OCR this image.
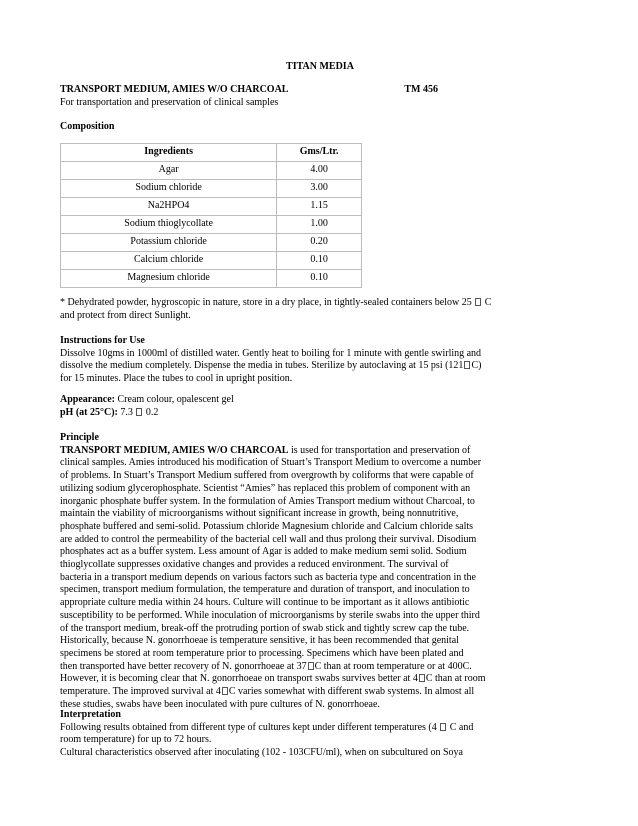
TITAN MEDIA
TRANSPORT MEDIUM, AMIES W/O CHARCOAL	TM 456

For transportation and preservation of clinical samples

Composition
Ingredients	Gms/Ltr.
Agar	4.00
Sodium chloride	3.00
Na2HPO4	1.15
Sodium thioglycollate	1.00
Potassium chloride	0.20
Calcium chloride	0.10
Magnesium chloride	0.10

* Dehydrated powder, hygroscopic in nature, store in a dry place, in tightly-sealed containers below 25  C

and protect from direct Sunlight.

Instructions for Use

Dissolve 10gms in 1000ml of distilled water. Gently heat to boiling for 1 minute with gentle swirling and

dissolve the medium completely. Dispense the media in tubes. Sterilize by autoclaving at 15 psi (121 C)

for 15 minutes. Place the tubes to cool in upright position.

Appearance: Cream colour, opalescent gel

pH (at 25°C): 7.3  0.2

Principle

TRANSPORT MEDIUM, AMIES W/O CHARCOAL is used for transportation and preservation of

clinical samples. Amies introduced his modification of Stuart’s Transport Medium to overcome a number

of problems. In Stuart’s Transport Medium suffered from overgrowth by coliforms that were capable of

utilizing sodium glycerophosphate. Scientist “Amies” has replaced this problem of component with an

inorganic phosphate buffer system. In the formulation of Amies Transport medium without Charcoal, to

maintain the viability of microorganisms without significant increase in growth, being nonnutritive,

phosphate buffered and semi-solid. Potassium chloride Magnesium chloride and Calcium chloride salts

are added to control the permeability of the bacterial cell wall and thus prolong their survival. Disodium

phosphates act as a buffer system. Less amount of Agar is added to make medium semi solid. Sodium

thioglycollate suppresses oxidative changes and provides a reduced environment. The survival of

bacteria in a transport medium depends on various factors such as bacteria type and concentration in the

specimen, transport medium formulation, the temperature and duration of transport, and inoculation to

appropriate culture media within 24 hours. Culture will continue to be important as it allows antibiotic

susceptibility to be performed. While inoculation of microorganisms by sterile swabs into the upper third

of the transport medium, break-off the protruding portion of swab stick and tightly screw cap the tube.

Historically, because N. gonorrhoeae is temperature sensitive, it has been recommended that genital

specimens be stored at room temperature prior to processing. Specimens which have been plated and

then transported have better recovery of N. gonorrhoeae at 37 C than at room temperature or at 400C.

However, it is becoming clear that N. gonorrhoeae on transport swabs survives better at 4 C than at room

temperature. The improved survival at 4 C varies somewhat with different swab systems. In almost all

these studies, swabs have been inoculated with pure cultures of N. gonorrhoeae.

Interpretation

Following results obtained from different type of cultures kept under different temperatures (4  C and

room temperature) for up to 72 hours.

Cultural characteristics observed after inoculating (102 - 103CFU/ml), when on subcultured on Soya
